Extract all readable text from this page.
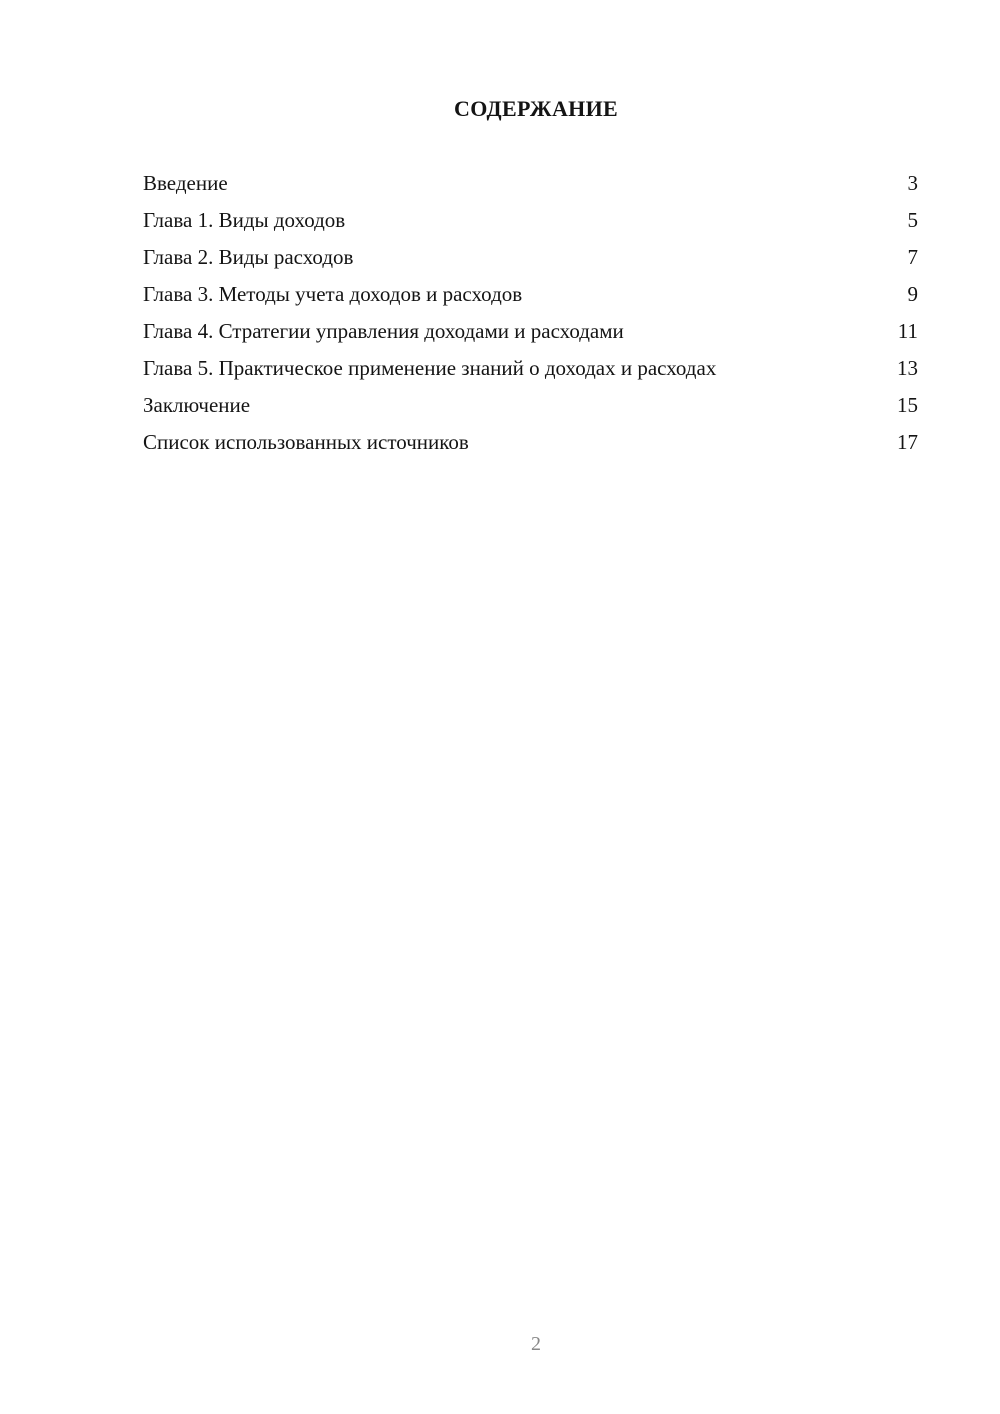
СОДЕРЖАНИЕ
Введение	3
Глава 1. Виды доходов	5
Глава 2. Виды расходов	7
Глава 3. Методы учета доходов и расходов	9
Глава 4. Стратегии управления доходами и расходами	11
Глава 5. Практическое применение знаний о доходах и расходах	13
Заключение	15
Список использованных источников	17
2
